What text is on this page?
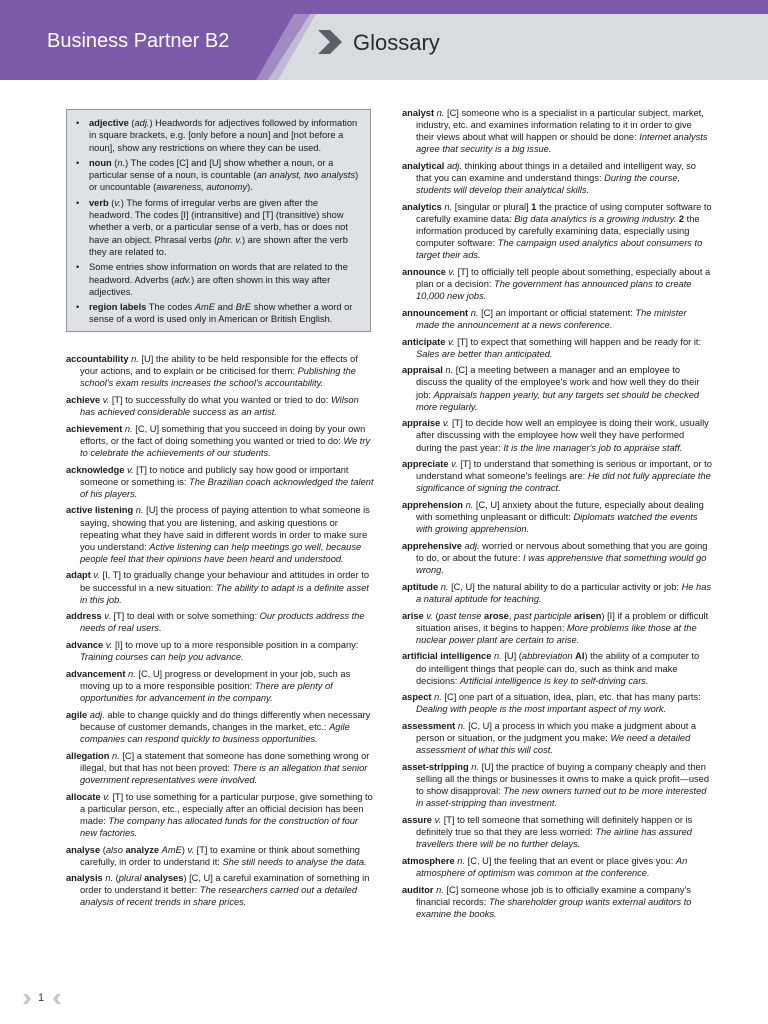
Business Partner B2	Glossary
• adjective (adj.) Headwords for adjectives followed by information in square brackets, e.g. [only before a noun] and [not before a noun], show any restrictions on where they can be used.
• noun (n.) The codes [C] and [U] show whether a noun, or a particular sense of a noun, is countable (an analyst, two analysts) or uncountable (awareness, autonomy).
• verb (v.) The forms of irregular verbs are given after the headword. The codes [I] (intransitive) and [T] (transitive) show whether a verb, or a particular sense of a verb, has or does not have an object. Phrasal verbs (phr. v.) are shown after the verb they are related to.
• Some entries show information on words that are related to the headword. Adverbs (adv.) are often shown in this way after adjectives.
• region labels The codes AmE and BrE show whether a word or sense of a word is used only in American or British English.
accountability n. [U] the ability to be held responsible for the effects of your actions, and to explain or be criticised for them: Publishing the school's exam results increases the school's accountability.
achieve v. [T] to successfully do what you wanted or tried to do: Wilson has achieved considerable success as an artist.
achievement n. [C, U] something that you succeed in doing by your own efforts, or the fact of doing something you wanted or tried to do: We try to celebrate the achievements of our students.
acknowledge v. [T] to notice and publicly say how good or important someone or something is: The Brazilian coach acknowledged the talent of his players.
active listening n. [U] the process of paying attention to what someone is saying, showing that you are listening, and asking questions or repeating what they have said in different words in order to make sure you understand: Active listening can help meetings go well, because people feel that their opinions have been heard and understood.
adapt v. [I, T] to gradually change your behaviour and attitudes in order to be successful in a new situation: The ability to adapt is a definite asset in this job.
address v. [T] to deal with or solve something: Our products address the needs of real users.
advance v. [I] to move up to a more responsible position in a company: Training courses can help you advance.
advancement n. [C, U] progress or development in your job, such as moving up to a more responsible position: There are plenty of opportunities for advancement in the company.
agile adj. able to change quickly and do things differently when necessary because of customer demands, changes in the market, etc.: Agile companies can respond quickly to business opportunities.
allegation n. [C] a statement that someone has done something wrong or illegal, but that has not been proved: There is an allegation that senior government representatives were involved.
allocate v. [T] to use something for a particular purpose, give something to a particular person, etc., especially after an official decision has been made: The company has allocated funds for the construction of four new factories.
analyse (also analyze AmE) v. [T] to examine or think about something carefully, in order to understand it: She still needs to analyse the data.
analysis n. (plural analyses) [C, U] a careful examination of something in order to understand it better: The researchers carried out a detailed analysis of recent trends in share prices.
analyst n. [C] someone who is a specialist in a particular subject, market, industry, etc. and examines information relating to it in order to give their views about what will happen or should be done: Internet analysts agree that security is a big issue.
analytical adj. thinking about things in a detailed and intelligent way, so that you can examine and understand things: During the course, students will develop their analytical skills.
analytics n. [singular or plural] 1 the practice of using computer software to carefully examine data: Big data analytics is a growing industry. 2 the information produced by carefully examining data, especially using computer software: The campaign used analytics about consumers to target their ads.
announce v. [T] to officially tell people about something, especially about a plan or a decision: The government has announced plans to create 10,000 new jobs.
announcement n. [C] an important or official statement: The minister made the announcement at a news conference.
anticipate v. [T] to expect that something will happen and be ready for it: Sales are better than anticipated.
appraisal n. [C] a meeting between a manager and an employee to discuss the quality of the employee's work and how well they do their job: Appraisals happen yearly, but any targets set should be checked more regularly.
appraise v. [T] to decide how well an employee is doing their work, usually after discussing with the employee how well they have performed during the past year: It is the line manager's job to appraise staff.
appreciate v. [T] to understand that something is serious or important, or to understand what someone's feelings are: He did not fully appreciate the significance of signing the contract.
apprehension n. [C, U] anxiety about the future, especially about dealing with something unpleasant or difficult: Diplomats watched the events with growing apprehension.
apprehensive adj. worried or nervous about something that you are going to do, or about the future: I was apprehensive that something would go wrong.
aptitude n. [C, U] the natural ability to do a particular activity or job: He has a natural aptitude for teaching.
arise v. (past tense arose, past participle arisen) [I] if a problem or difficult situation arises, it begins to happen: More problems like those at the nuclear power plant are certain to arise.
artificial intelligence n. [U] (abbreviation AI) the ability of a computer to do intelligent things that people can do, such as think and make decisions: Artificial intelligence is key to self-driving cars.
aspect n. [C] one part of a situation, idea, plan, etc. that has many parts: Dealing with people is the most important aspect of my work.
assessment n. [C, U] a process in which you make a judgment about a person or situation, or the judgment you make: We need a detailed assessment of what this will cost.
asset-stripping n. [U] the practice of buying a company cheaply and then selling all the things or businesses it owns to make a quick profit—used to show disapproval: The new owners turned out to be more interested in asset-stripping than investment.
assure v. [T] to tell someone that something will definitely happen or is definitely true so that they are less worried: The airline has assured travellers there will be no further delays.
atmosphere n. [C, U] the feeling that an event or place gives you: An atmosphere of optimism was common at the conference.
auditor n. [C] someone whose job is to officially examine a company's financial records: The shareholder group wants external auditors to examine the books.
1
